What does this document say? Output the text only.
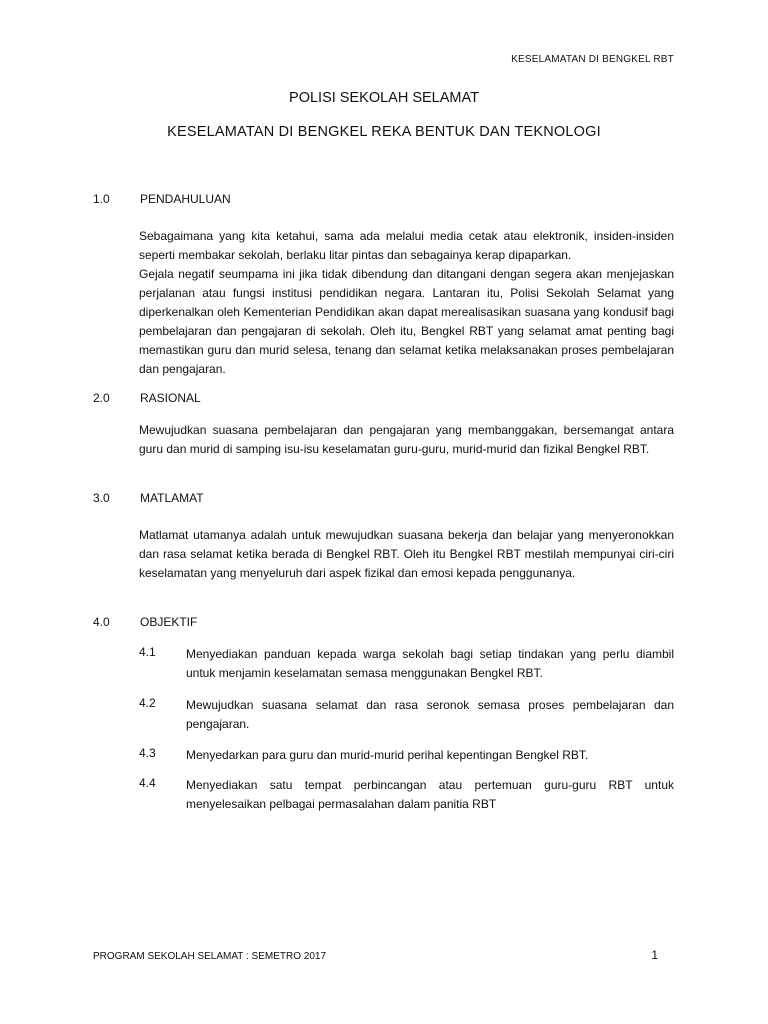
KESELAMATAN DI BENGKEL RBT
POLISI SEKOLAH SELAMAT
KESELAMATAN DI BENGKEL REKA BENTUK DAN TEKNOLOGI
1.0	PENDAHULUAN

Sebagaimana yang kita ketahui, sama ada melalui media cetak atau elektronik, insiden-insiden seperti membakar sekolah, berlaku litar pintas dan sebagainya kerap dipaparkan.
Gejala negatif seumpama ini jika tidak dibendung dan ditangani dengan segera akan menjejaskan perjalanan atau fungsi institusi pendidikan negara. Lantaran itu, Polisi Sekolah Selamat yang diperkenalkan oleh Kementerian Pendidikan akan dapat merealisasikan suasana yang kondusif bagi pembelajaran dan pengajaran di sekolah. Oleh itu, Bengkel RBT yang selamat amat penting bagi memastikan guru dan murid selesa, tenang dan selamat ketika melaksanakan proses pembelajaran dan pengajaran.

2.0	RASIONAL

Mewujudkan suasana pembelajaran dan pengajaran yang membanggakan, bersemangat antara guru dan murid di samping isu-isu keselamatan guru-guru, murid-murid dan fizikal Bengkel RBT.

3.0	MATLAMAT

Matlamat utamanya adalah untuk mewujudkan suasana bekerja dan belajar yang menyeronokkan dan rasa selamat ketika berada di Bengkel RBT. Oleh itu Bengkel RBT mestilah mempunyai ciri-ciri keselamatan yang menyeluruh dari aspek fizikal dan emosi kepada penggunanya.

4.0	OBJEKTIF
4.1	Menyediakan panduan kepada warga sekolah bagi setiap tindakan yang perlu diambil untuk menjamin keselamatan semasa menggunakan Bengkel RBT.

4.2	Mewujudkan suasana selamat dan rasa seronok semasa proses pembelajaran dan pengajaran.

4.3	Menyedarkan para guru dan murid-murid perihal kepentingan Bengkel RBT.

4.4	Menyediakan satu tempat perbincangan atau pertemuan guru-guru RBT untuk menyelesaikan pelbagai permasalahan dalam panitia RBT

PROGRAM SEKOLAH SELAMAT : SEMETRO 2017	1
